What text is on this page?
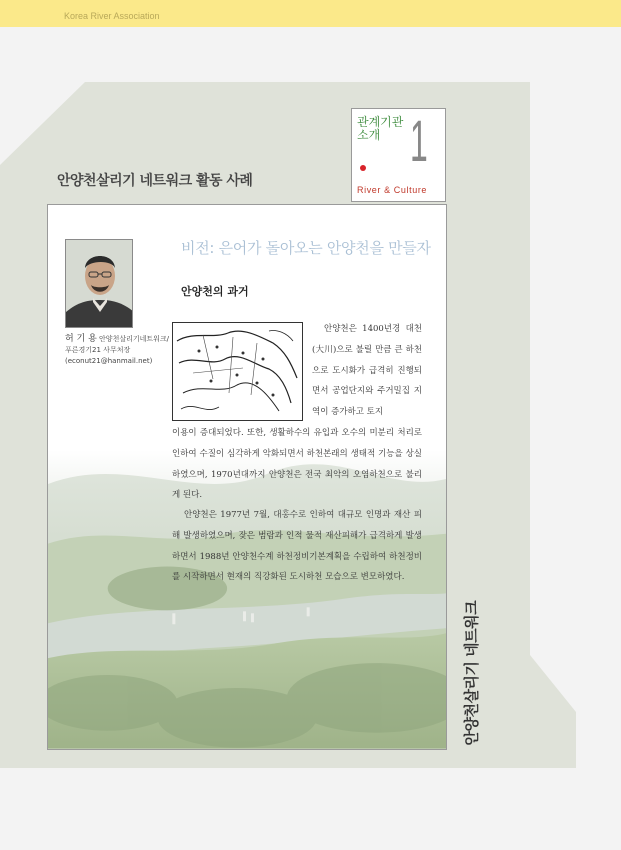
Korea River Association
안양천살리기 네트워크 활동 사례
관계기관
소개 1
River & Culture
안양천살리기 네트워크
허 기 용 안양천살리기네트워크/ 푸른경기21 사무처장 (econut21@hanmail.net)
비전: 은어가 돌아오는 안양천을 만들자
안양천의 과거
안양천은 1400년경 대천(大川)으로 불릴 만큼 큰 하천으로 도시화가 급격히 진행되면서 공업단지와 주거밀집 지역이 증가하고 토지
이용이 증대되었다. 또한, 생활하수의 유입과 오수의 미분리 처리로 인하여 수질이 심각하게 악화되면서 하천본래의 생태적 기능을 상실하였으며, 1970년대까지 안양천은 전국 최악의 오염하천으로 불리게 된다.
안양천은 1977년 7월, 대홍수로 인하여 대규모 인명과 재산 피해 발생하였으며, 잦은 범람과 인적 물적 재산피해가 급격하게 발생하면서 1988년 안양천수계 하천정비기본계획을 수립하여 하천정비를 시작하면서 현재의 직강화된 도시하천 모습으로 변모하였다.
